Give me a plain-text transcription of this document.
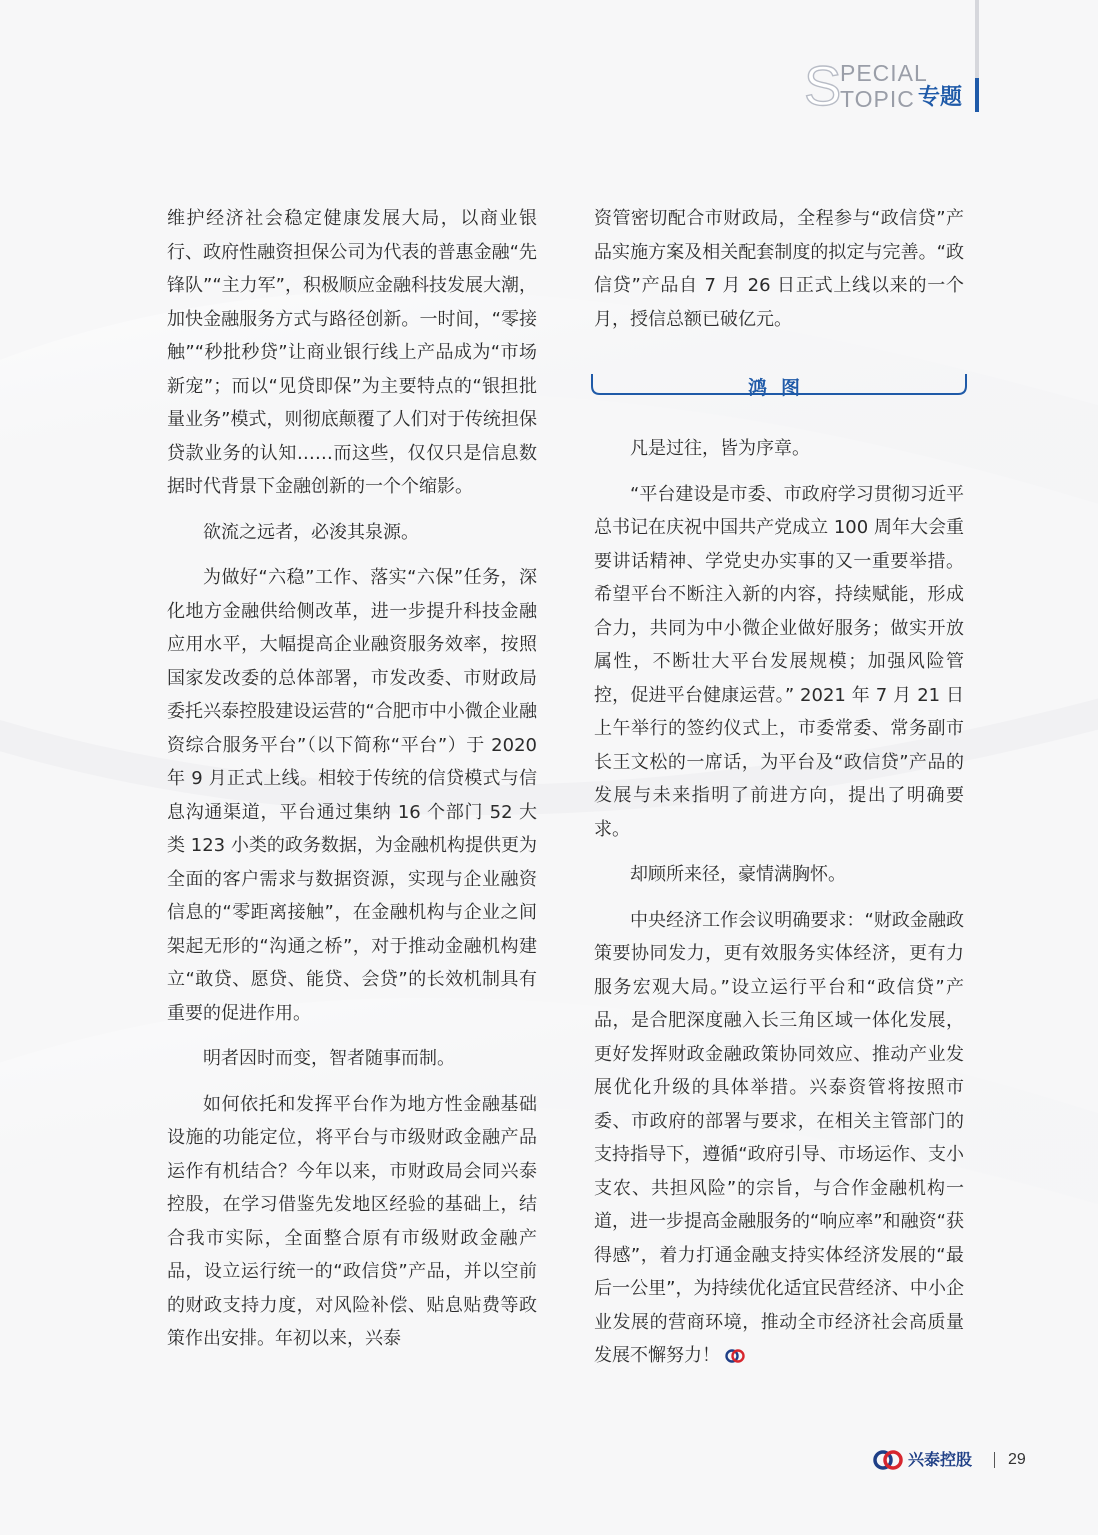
S
PECIAL
TOPIC 专题

维护经济社会稳定健康发展大局，以商业银行、政府性融资担保公司为代表的普惠金融“先锋队”“主力军”，积极顺应金融科技发展大潮，加快金融服务方式与路径创新。一时间，“零接触”“秒批秒贷”让商业银行线上产品成为“市场新宠”；而以“见贷即保”为主要特点的“银担批量业务”模式，则彻底颠覆了人们对于传统担保贷款业务的认知……而这些，仅仅只是信息数据时代背景下金融创新的一个个缩影。

欲流之远者，必浚其泉源。

为做好“六稳”工作、落实“六保”任务，深化地方金融供给侧改革，进一步提升科技金融应用水平，大幅提高企业融资服务效率，按照国家发改委的总体部署，市发改委、市财政局委托兴泰控股建设运营的“合肥市中小微企业融资综合服务平台”（以下简称“平台”）于 2020 年 9 月正式上线。相较于传统的信贷模式与信息沟通渠道，平台通过集纳 16 个部门 52 大类 123 小类的政务数据，为金融机构提供更为全面的客户需求与数据资源，实现与企业融资信息的“零距离接触”，在金融机构与企业之间架起无形的“沟通之桥”，对于推动金融机构建立“敢贷、愿贷、能贷、会贷”的长效机制具有重要的促进作用。

明者因时而变，智者随事而制。

如何依托和发挥平台作为地方性金融基础设施的功能定位，将平台与市级财政金融产品运作有机结合？今年以来，市财政局会同兴泰控股，在学习借鉴先发地区经验的基础上，结合我市实际，全面整合原有市级财政金融产品，设立运行统一的“政信贷”产品，并以空前的财政支持力度，对风险补偿、贴息贴费等政策作出安排。年初以来，兴泰

资管密切配合市财政局，全程参与“政信贷”产品实施方案及相关配套制度的拟定与完善。“政信贷”产品自 7 月 26 日正式上线以来的一个月，授信总额已破亿元。

鸿图

凡是过往，皆为序章。

“平台建设是市委、市政府学习贯彻习近平总书记在庆祝中国共产党成立 100 周年大会重要讲话精神、学党史办实事的又一重要举措。希望平台不断注入新的内容，持续赋能，形成合力，共同为中小微企业做好服务；做实开放属性，不断壮大平台发展规模；加强风险管控，促进平台健康运营。” 2021 年 7 月 21 日上午举行的签约仪式上，市委常委、常务副市长王文松的一席话，为平台及“政信贷”产品的发展与未来指明了前进方向，提出了明确要求。

却顾所来径，豪情满胸怀。

中央经济工作会议明确要求：“财政金融政策要协同发力，更有效服务实体经济，更有力服务宏观大局。”设立运行平台和“政信贷”产品，是合肥深度融入长三角区域一体化发展，更好发挥财政金融政策协同效应、推动产业发展优化升级的具体举措。兴泰资管将按照市委、市政府的部署与要求，在相关主管部门的支持指导下，遵循“政府引导、市场运作、支小支农、共担风险”的宗旨，与合作金融机构一道，进一步提高金融服务的“响应率”和融资“获得感”，着力打通金融支持实体经济发展的“最后一公里”，为持续优化适宜民营经济、中小企业发展的营商环境，推动全市经济社会高质量发展不懈努力！

兴泰控股 29
